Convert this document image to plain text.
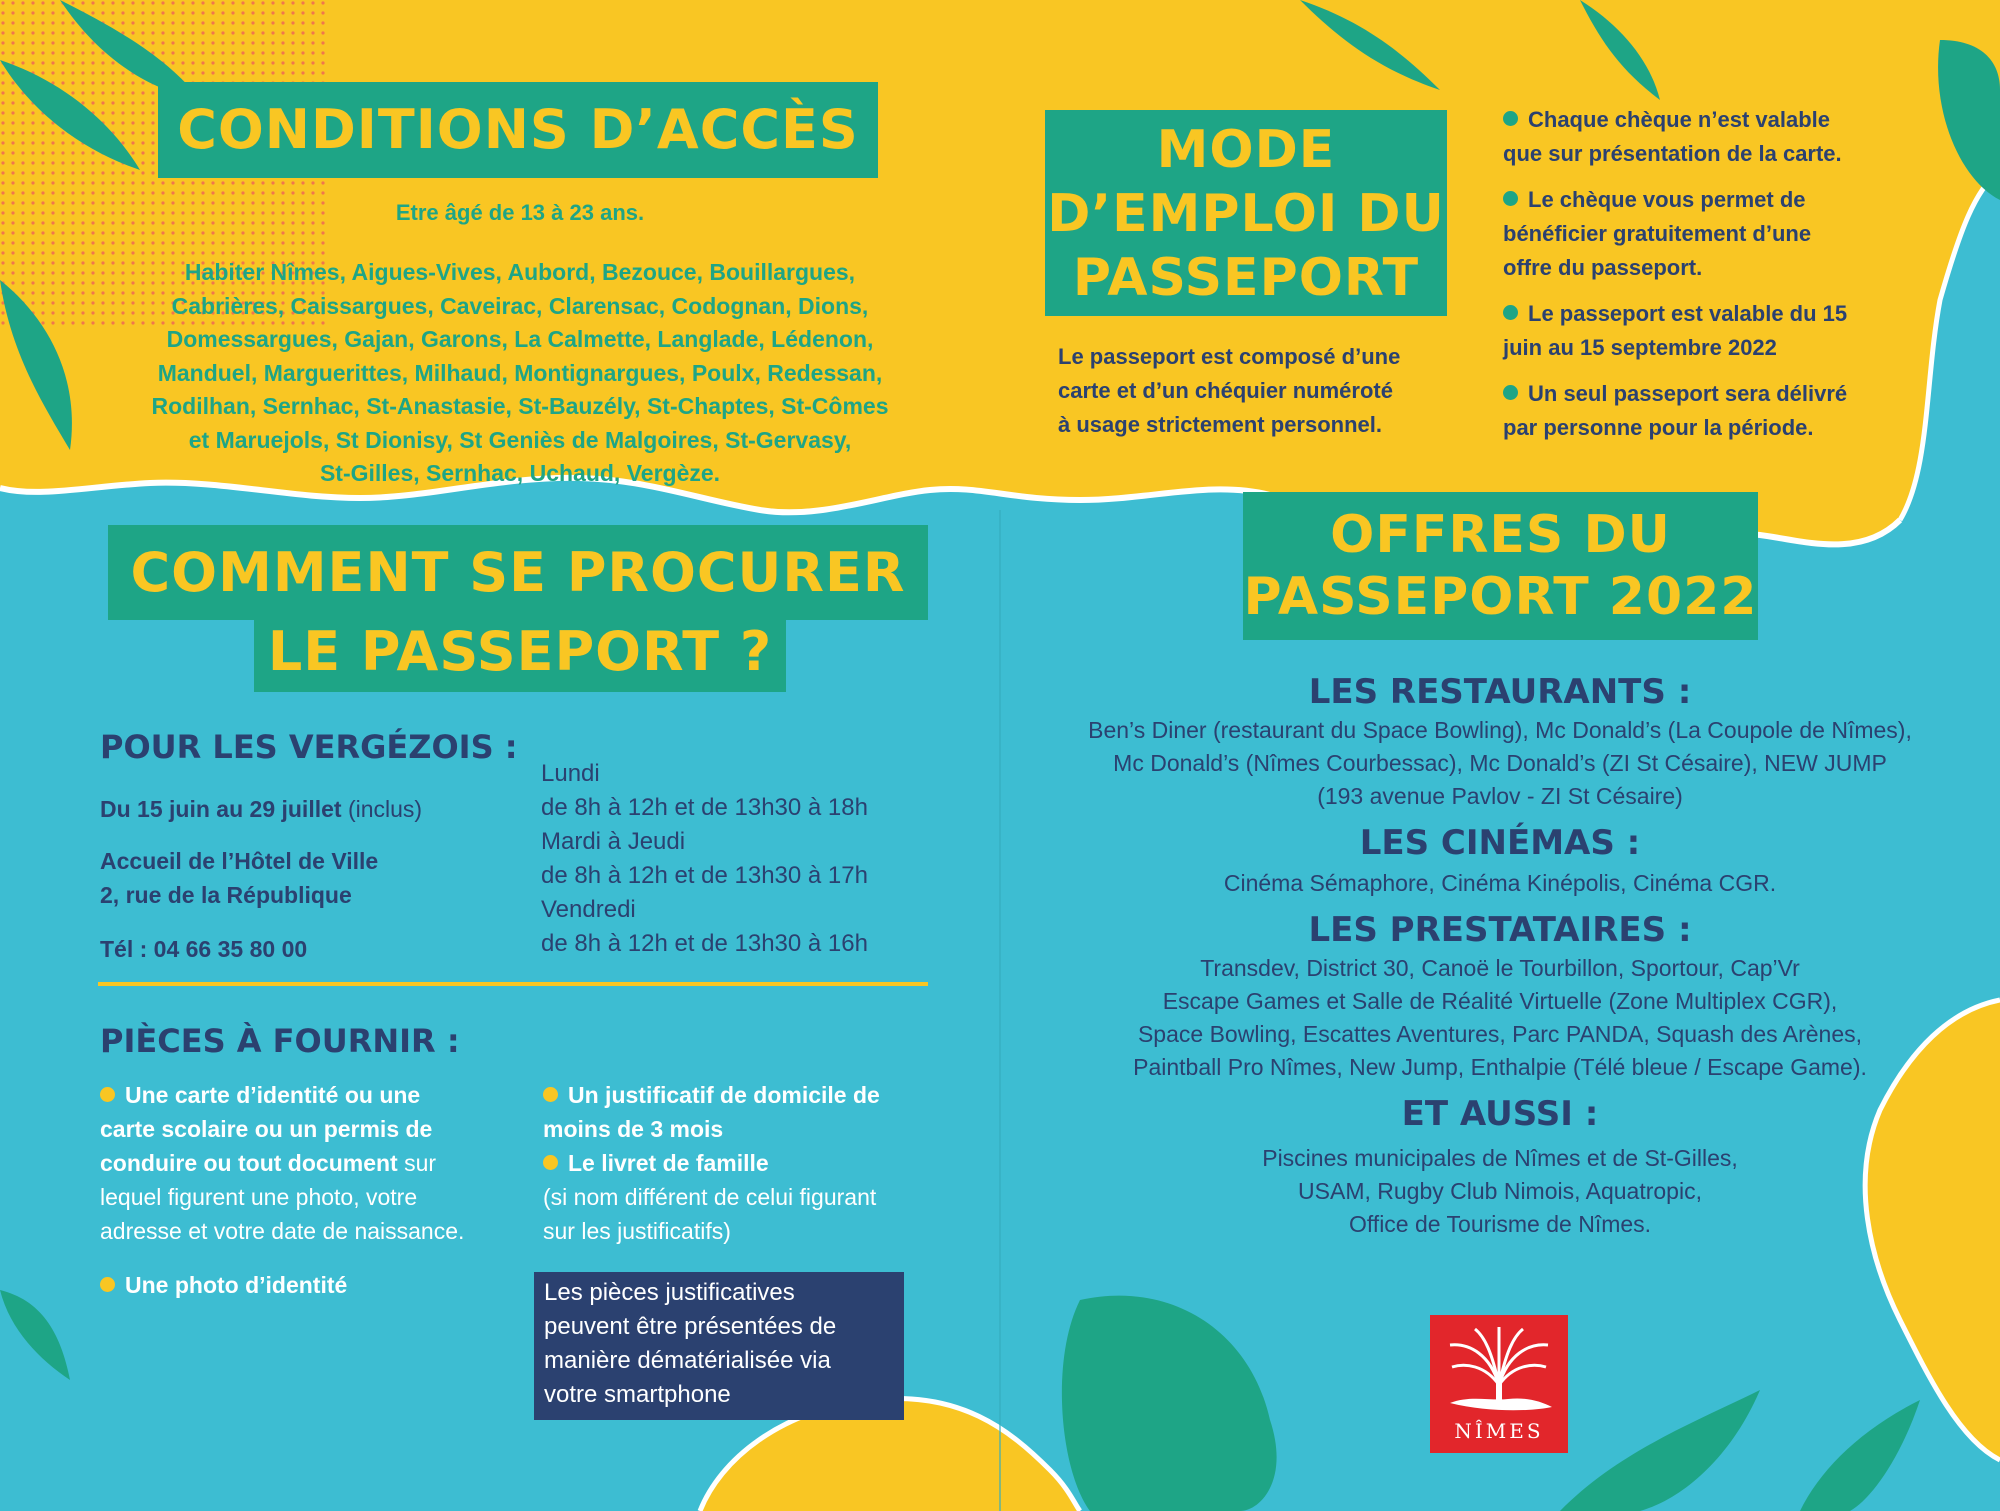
CONDITIONS D’ACCÈS
Etre âgé de 13 à 23 ans.
Habiter Nîmes, Aigues-Vives, Aubord, Bezouce, Bouillargues,
Cabrières, Caissargues, Caveirac, Clarensac, Codognan, Dions,
Domessargues, Gajan, Garons, La Calmette, Langlade, Lédenon,
Manduel, Marguerittes, Milhaud, Montignargues, Poulx, Redessan,
Rodilhan, Sernhac, St-Anastasie, St-Bauzély, St-Chaptes, St-Cômes
et Maruejols, St Dionisy, St Geniès de Malgoires, St-Gervasy,
St-Gilles, Sernhac, Uchaud, Vergèze.
MODE
D’EMPLOI DU
PASSEPORT
Le passeport est composé d’une
carte et d’un chéquier numéroté
à usage strictement personnel.
Chaque chèque n’est valable
que sur présentation de la carte.
Le chèque vous permet de
bénéficier gratuitement d’une
offre du passeport.
Le passeport est valable du 15
juin au 15 septembre 2022
Un seul passeport sera délivré
par personne pour la période.
COMMENT SE PROCURER
LE PASSEPORT ?
POUR LES VERGÉZOIS :
Du 15 juin au 29 juillet (inclus)
Accueil de l’Hôtel de Ville
2, rue de la République
Tél : 04 66 35 80 00
Lundi
de 8h à 12h et de 13h30 à 18h
Mardi à Jeudi
de 8h à 12h et de 13h30 à 17h
Vendredi
de 8h à 12h et de 13h30 à 16h
PIÈCES À FOURNIR :
Une carte d’identité ou une
carte scolaire ou un permis de
conduire ou tout document sur
lequel figurent une photo, votre
adresse et votre date de naissance.
Une photo d’identité
Un justificatif de domicile de
moins de 3 mois
Le livret de famille
(si nom différent de celui figurant
sur les justificatifs)
Les pièces justificatives
peuvent être présentées de
manière dématérialisée via
votre smartphone
OFFRES DU
PASSEPORT 2022
LES RESTAURANTS :
Ben’s Diner (restaurant du Space Bowling), Mc Donald’s (La Coupole de Nîmes),
Mc Donald’s (Nîmes Courbessac), Mc Donald’s (ZI St Césaire), NEW JUMP
(193 avenue Pavlov - ZI St Césaire)
LES CINÉMAS :
Cinéma Sémaphore, Cinéma Kinépolis, Cinéma CGR.
LES PRESTATAIRES :
Transdev, District 30, Canoë le Tourbillon, Sportour, Cap’Vr
Escape Games et Salle de Réalité Virtuelle (Zone Multiplex CGR),
Space Bowling, Escattes Aventures, Parc PANDA, Squash des Arènes,
Paintball Pro Nîmes, New Jump, Enthalpie (Télé bleue / Escape Game).
ET AUSSI :
Piscines municipales de Nîmes et de St-Gilles,
USAM, Rugby Club Nimois, Aquatropic,
Office de Tourisme de Nîmes.
NÎMES
